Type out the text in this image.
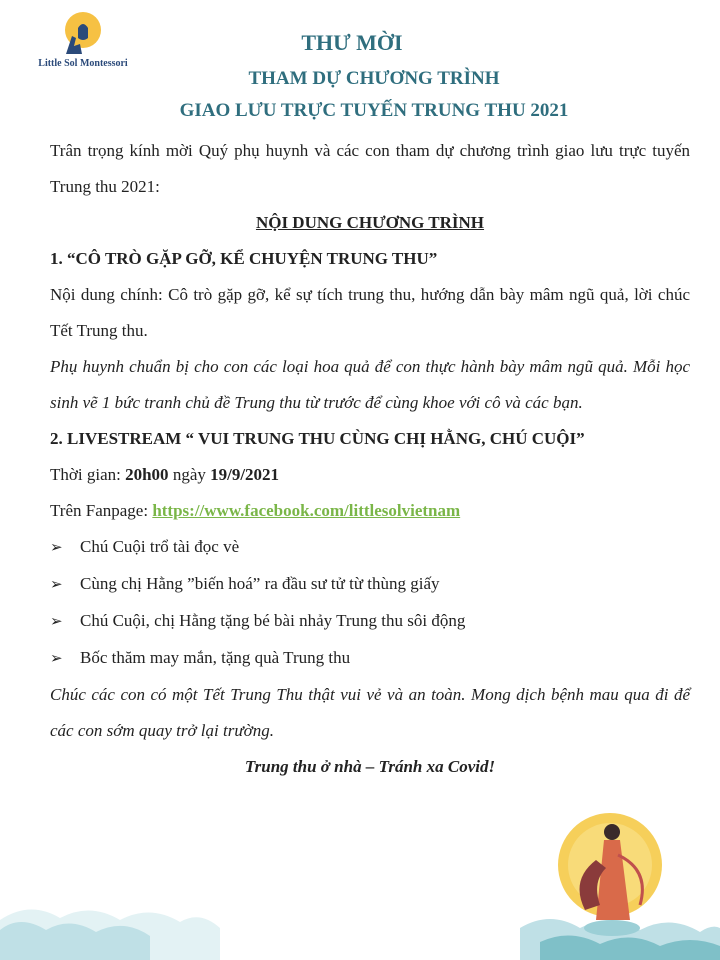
Little Sol Montessori
THƯ MỜI
THAM DỰ CHƯƠNG TRÌNH
GIAO LƯU TRỰC TUYẾN TRUNG THU 2021

Trân trọng kính mời Quý phụ huynh và các con tham dự chương trình giao lưu trực tuyến Trung thu 2021:

NỘI DUNG CHƯƠNG TRÌNH

1. “CÔ TRÒ GẶP GỠ, KỂ CHUYỆN TRUNG THU”

Nội dung chính: Cô trò gặp gỡ, kể sự tích trung thu, hướng dẫn bày mâm ngũ quả, lời chúc Tết Trung thu.

Phụ huynh chuẩn bị cho con các loại hoa quả để con thực hành bày mâm ngũ quả. Mỗi học sinh vẽ 1 bức tranh chủ đề Trung thu từ trước để cùng khoe với cô và các bạn.

2. LIVESTREAM “ VUI TRUNG THU CÙNG CHỊ HẰNG, CHÚ CUỘI”

Thời gian: 20h00 ngày 19/9/2021

Trên Fanpage: https://www.facebook.com/littlesolvietnam

➢	Chú Cuội trổ tài đọc vè
➢	Cùng chị Hằng ”biến hoá” ra đầu sư tử từ thùng giấy
➢	Chú Cuội, chị Hằng tặng bé bài nhảy Trung thu sôi động
➢	Bốc thăm may mắn, tặng quà Trung thu

Chúc các con có một Tết Trung Thu thật vui vẻ và an toàn. Mong dịch bệnh mau qua đi để các con sớm quay trở lại trường.

Trung thu ở nhà – Tránh xa Covid!
